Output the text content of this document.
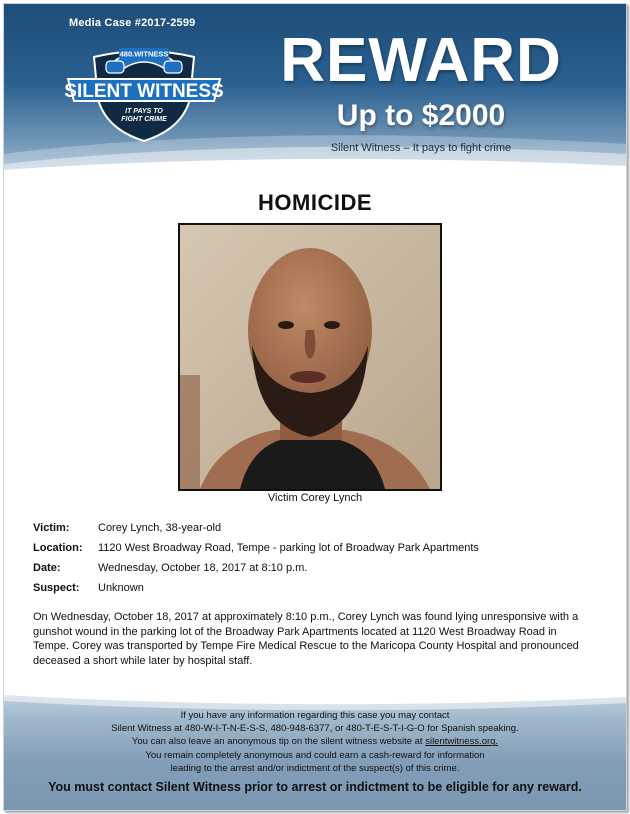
Media Case #2017-2599
480.WITNESS
SILENT WITNESS
IT PAYS TO
FIGHT CRIME
REWARD
Up to $2000
Silent Witness – It pays to fight crime
HOMICIDE
Victim Corey Lynch
Victim:	Corey Lynch, 38-year-old
Location:	1120 West Broadway Road, Tempe - parking lot of Broadway Park Apartments
Date:	Wednesday, October 18, 2017 at 8:10 p.m.
Suspect:	Unknown
On Wednesday, October 18, 2017 at approximately 8:10 p.m., Corey Lynch was found lying unresponsive with a gunshot wound in the parking lot of the Broadway Park Apartments located at 1120 West Broadway Road in Tempe. Corey was transported by Tempe Fire Medical Rescue to the Maricopa County Hospital and pronounced deceased a short while later by hospital staff.
If you have any information regarding this case you may contact
Silent Witness at 480-W-I-T-N-E-S-S, 480-948-6377, or 480-T-E-S-T-I-G-O for Spanish speaking.
You can also leave an anonymous tip on the silent witness website at silentwitness.org.
You remain completely anonymous and could earn a cash-reward for information
leading to the arrest and/or indictment of the suspect(s) of this crime.
You must contact Silent Witness prior to arrest or indictment to be eligible for any reward.
